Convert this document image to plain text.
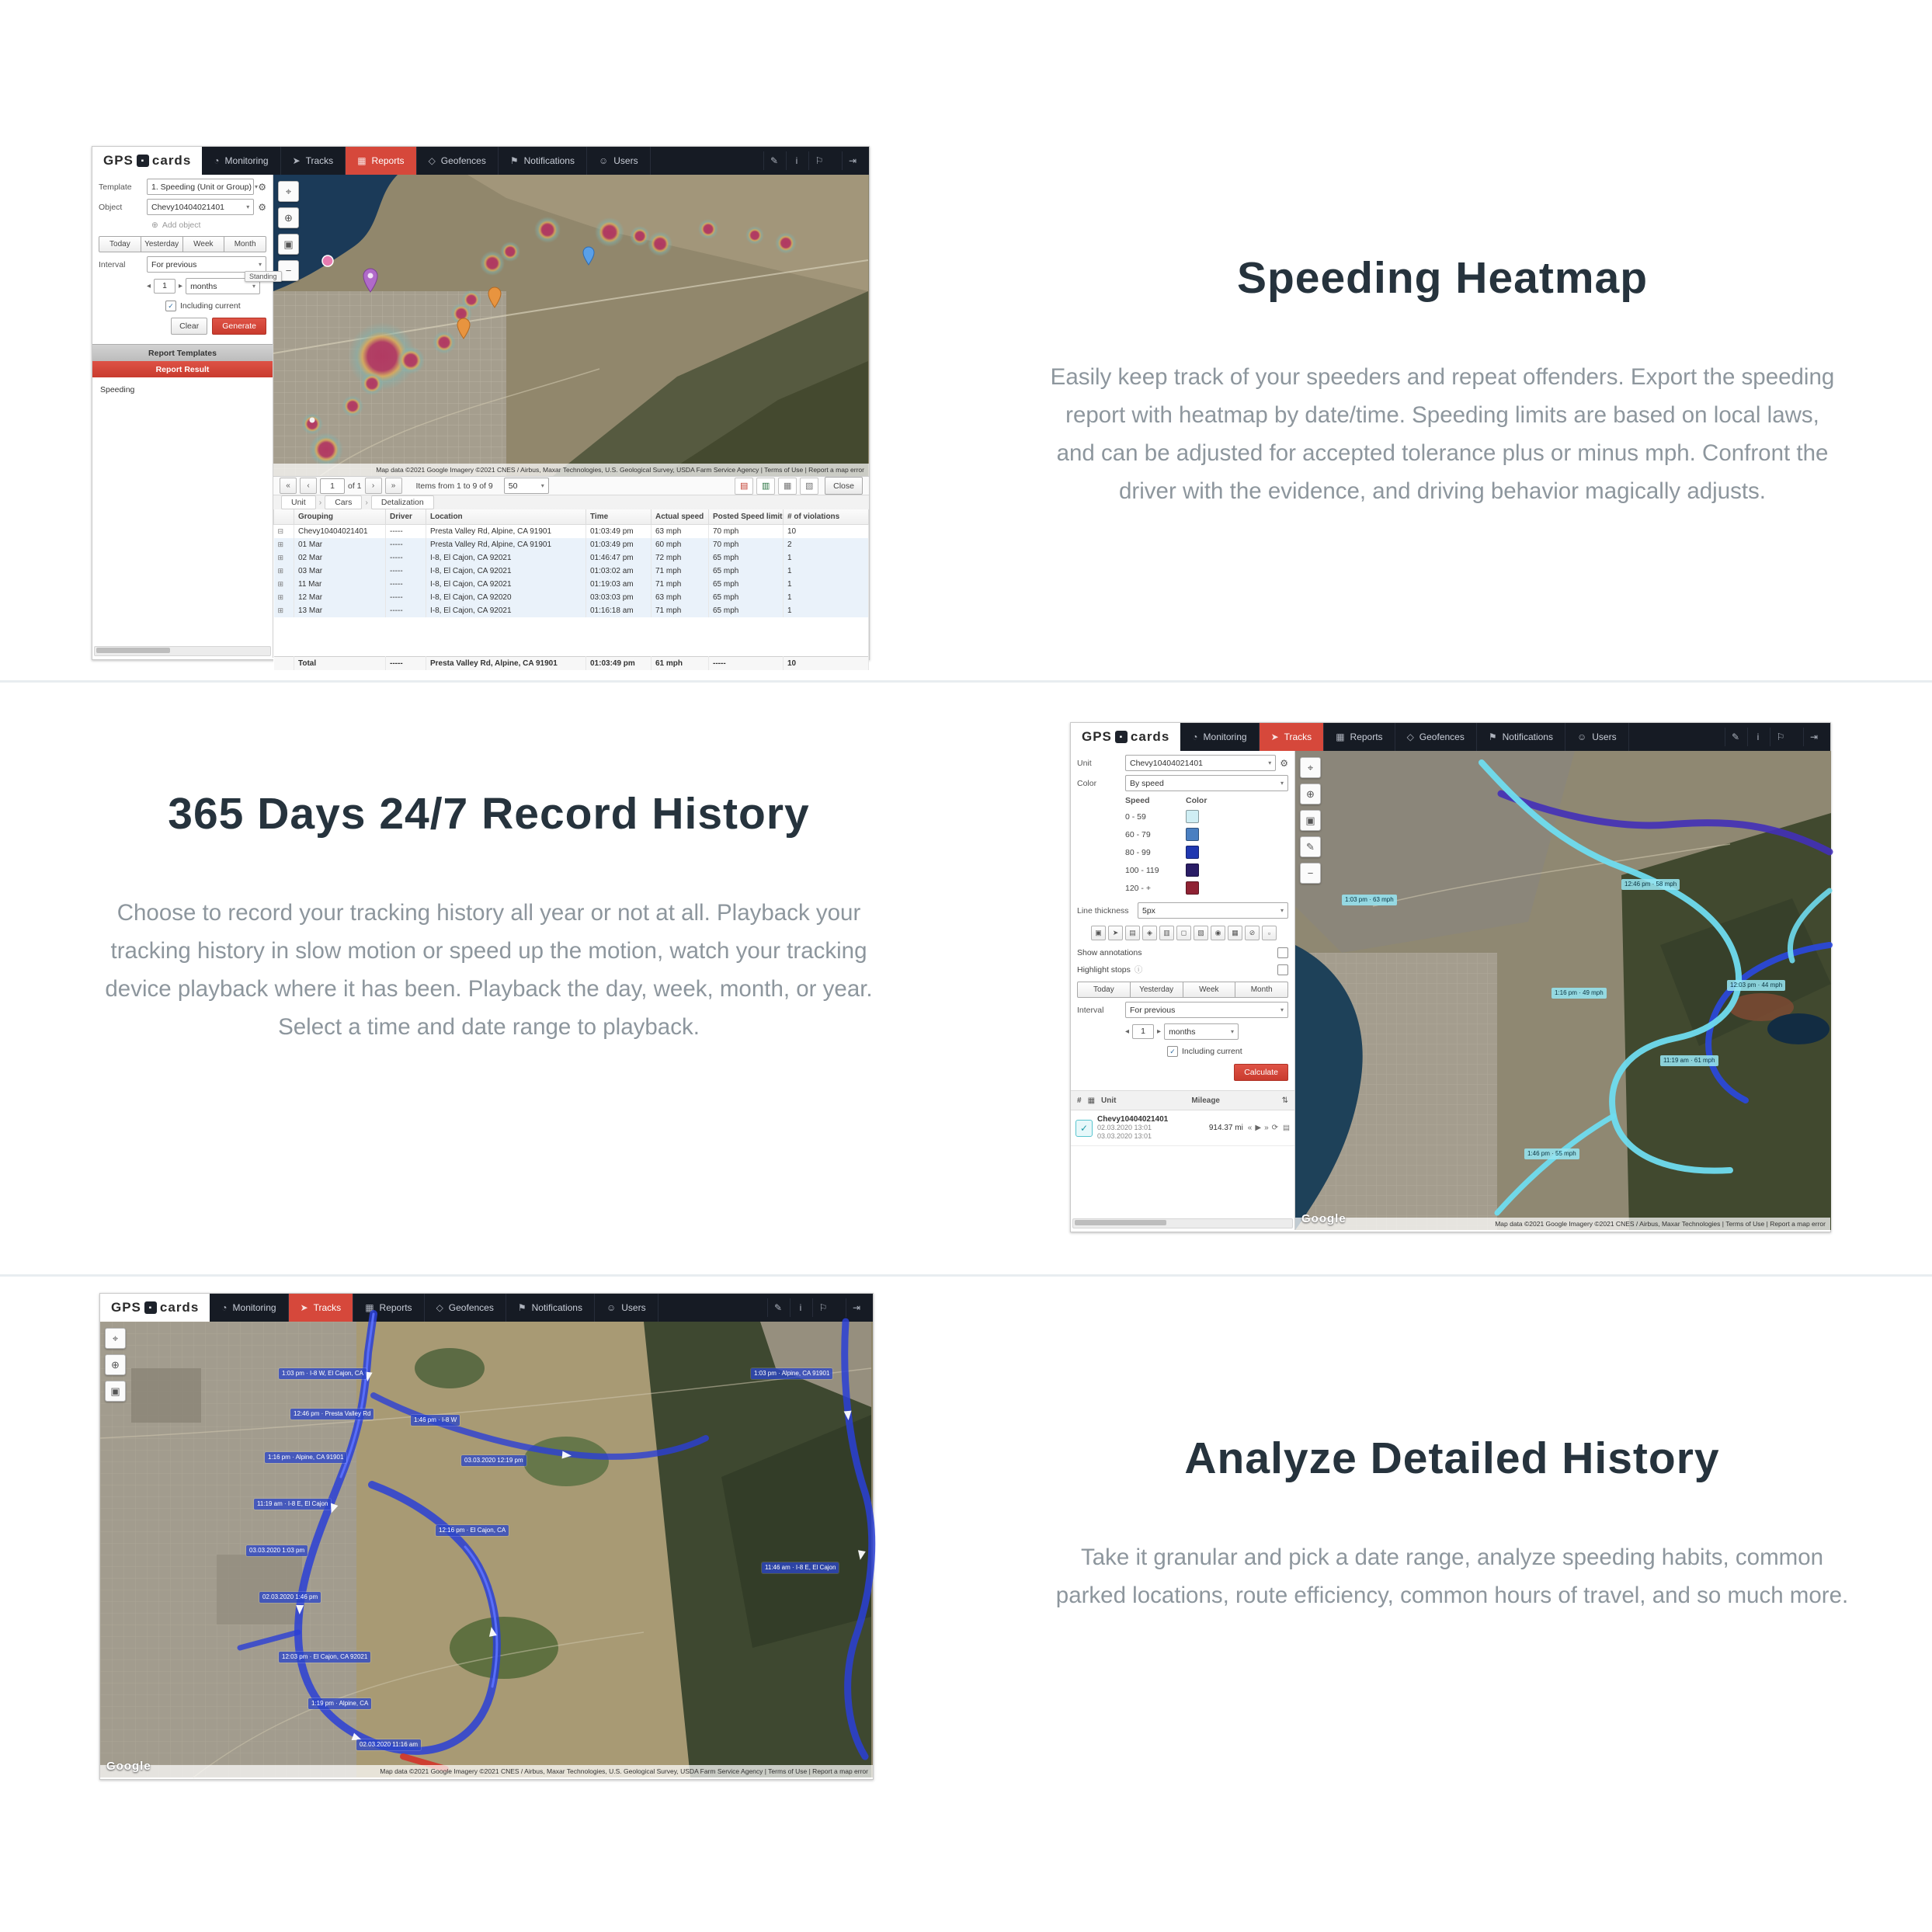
GPS ▪ cards ◔ Monitoring	➤ Tracks	▦ Reports	◇ Geofences	⚑ Notifications	☺ Users	✎	i	⚐	⇥
Template	1. Speeding (Unit or Group) ▾ ⚙
Object	Chevy10404021401	▾ ⚙
⊕ Add object
Today	Yesterday	Week	Month
Interval	For previous	▾
◂	1	▸ months	▾
✓ Including current
Clear	Generate
Report Templates
Report Result
Speeding
⌖
⊕
▣
−
Map data ©2021 Google Imagery ©2021 CNES / Airbus, Maxar Technologies, U.S. Geological Survey, USDA Farm Service Agency | Terms of Use | Report a map error
«	‹	1	of 1	›	»	Items from 1 to 9 of 9 50	▾	▤	▥	▦	▧	Close
Unit	›	Cars	›	Detalization
	Grouping	Driver	Location	Time	Actual speed	Posted Speed limit	# of violations
⊟	Chevy10404021401	-----	Presta Valley Rd, Alpine, CA 91901	01:03:49 pm	63 mph	70 mph	10
⊞	01 Mar	-----	Presta Valley Rd, Alpine, CA 91901	01:03:49 pm	60 mph	70 mph	2
⊞	02 Mar	-----	I-8, El Cajon, CA 92021	01:46:47 pm	72 mph	65 mph	1
⊞	03 Mar	-----	I-8, El Cajon, CA 92021	01:03:02 am	71 mph	65 mph	1
⊞	11 Mar	-----	I-8, El Cajon, CA 92021	01:19:03 am	71 mph	65 mph	1
⊞	12 Mar	-----	I-8, El Cajon, CA 92020	03:03:03 pm	63 mph	65 mph	1
⊞	13 Mar	-----	I-8, El Cajon, CA 92021	01:16:18 am	71 mph	65 mph	1

	Total	-----	Presta Valley Rd, Alpine, CA 91901	01:03:49 pm	61 mph	-----	10
Standing	Speeding Heatmap

Easily keep track of your speeders and repeat offenders. Export the speeding report with heatmap by date/time. Speeding limits are based on local laws, and can be adjusted for accepted tolerance plus or minus mph. Confront the driver with the evidence, and driving behavior magically adjusts.

365 Days 24/7 Record History

Choose to record your tracking history all year or not at all. Playback your tracking history in slow motion or speed up the motion, watch your tracking device playback where it has been. Playback the day, week, month, or year. Select a time and date range to playback.

GPS ▪ cards ◔ Monitoring	➤ Tracks	▦ Reports	◇ Geofences	⚑ Notifications	☺ Users	✎	i	⚐	⇥
Unit	Chevy10404021401	▾ ⚙
Color	By speed	▾
Speed	Color
0 - 59
60 - 79
80 - 99
100 - 119
120 - +
Line thickness	5px	▾
▣	➤	▤	◈	▥	◻	▧	◉	▦	⊘	▫
Show annotations
Highlight stops ⓘ
Today	Yesterday	Week	Month
Interval	For previous	▾
◂	1	▸ months	▾
✓ Including current
Calculate
# ▦ Unit	Mileage	⇅
✓
Chevy10404021401
02.03.2020 13:01
03.03.2020 13:01
914.37 mi « ▶ » ⟳ ▤
⌖
⊕
▣
✎
−
1:03 pm · 63 mph
12:46 pm · 58 mph
1:16 pm · 49 mph
11:19 am · 61 mph
1:46 pm · 55 mph
12:03 pm · 44 mph
Google	Map data ©2021 Google Imagery ©2021 CNES / Airbus, Maxar Technologies | Terms of Use | Report a map error
GPS ▪ cards ◔ Monitoring	➤ Tracks	▦ Reports	◇ Geofences	⚑ Notifications	☺ Users	✎	i	⚐	⇥
⌖
⊕
▣
1:03 pm · I-8 W, El Cajon, CA
12:46 pm · Presta Valley Rd
1:16 pm · Alpine, CA 91901
11:19 am · I-8 E, El Cajon
03.03.2020 1:03 pm
02.03.2020 1:46 pm
12:03 pm · El Cajon, CA 92021
1:19 pm · Alpine, CA
02.03.2020 11:16 am
1:46 pm · I-8 W
03.03.2020 12:19 pm
12:16 pm · El Cajon, CA
1:03 pm · Alpine, CA 91901
11:46 am · I-8 E, El Cajon
Google	Map data ©2021 Google Imagery ©2021 CNES / Airbus, Maxar Technologies, U.S. Geological Survey, USDA Farm Service Agency | Terms of Use | Report a map error
Analyze Detailed History

Take it granular and pick a date range, analyze speeding habits, common parked locations, route efficiency, common hours of travel, and so much more.
